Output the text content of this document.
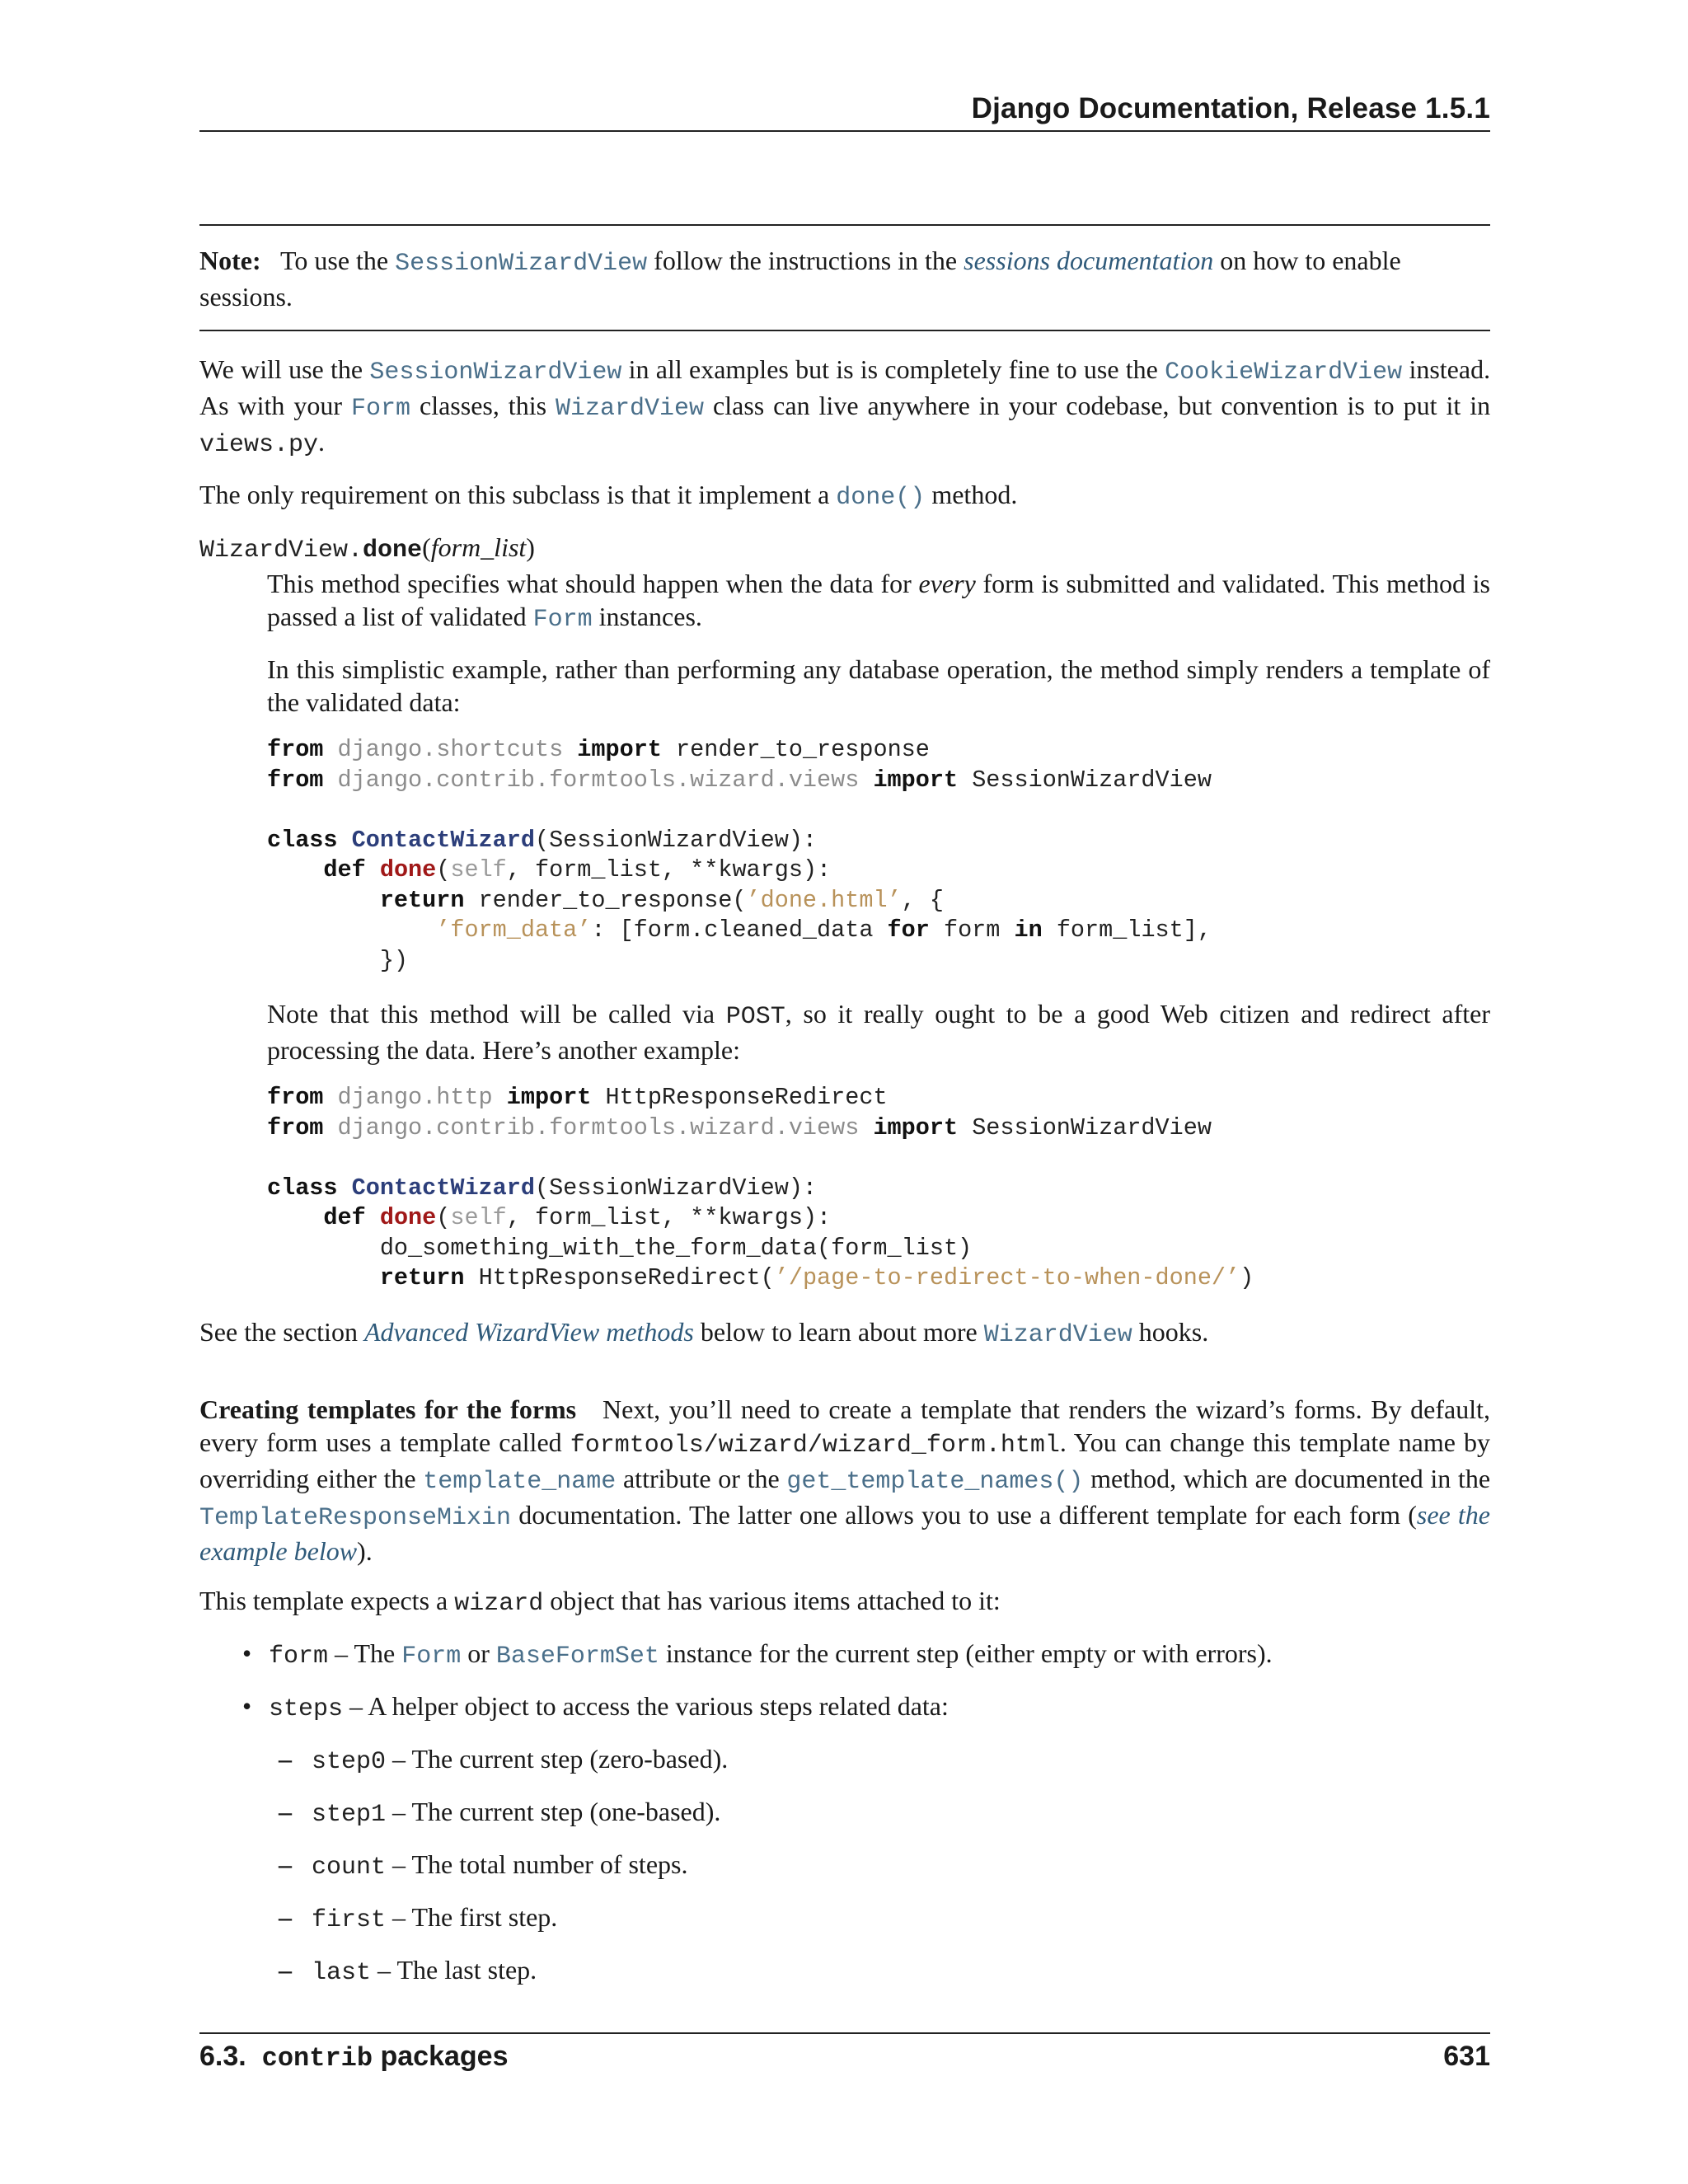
Django Documentation, Release 1.5.1
Note: To use the SessionWizardView follow the instructions in the sessions documentation on how to enable sessions.

We will use the SessionWizardView in all examples but is is completely fine to use the CookieWizardView instead. As with your Form classes, this WizardView class can live anywhere in your codebase, but convention is to put it in views.py.

The only requirement on this subclass is that it implement a done() method.

WizardView.done(form_list)

This method specifies what should happen when the data for every form is submitted and validated. This method is passed a list of validated Form instances.

In this simplistic example, rather than performing any database operation, the method simply renders a template of the validated data:

from django.shortcuts import render_to_response
from django.contrib.formtools.wizard.views import SessionWizardView

class ContactWizard(SessionWizardView):
def done(self, form_list, **kwargs):
return render_to_response(’done.html’, {
’form_data’: [form.cleaned_data for form in form_list],
})

Note that this method will be called via POST, so it really ought to be a good Web citizen and redirect after processing the data. Here’s another example:

from django.http import HttpResponseRedirect
from django.contrib.formtools.wizard.views import SessionWizardView

class ContactWizard(SessionWizardView):
def done(self, form_list, **kwargs):
do_something_with_the_form_data(form_list)
return HttpResponseRedirect(’/page-to-redirect-to-when-done/’)

See the section Advanced WizardView methods below to learn about more WizardView hooks.

Creating templates for the forms Next, you’ll need to create a template that renders the wizard’s forms. By default, every form uses a template called formtools/wizard/wizard_form.html. You can change this template name by overriding either the template_name attribute or the get_template_names() method, which are documented in the TemplateResponseMixin documentation. The latter one allows you to use a different template for each form (see the example below).

This template expects a wizard object that has various items attached to it:

• form – The Form or BaseFormSet instance for the current step (either empty or with errors).
• steps – A helper object to access the various steps related data:
– step0 – The current step (zero-based).
– step1 – The current step (one-based).
– count – The total number of steps.
– first – The first step.
– last – The last step.
6.3. contrib packages	631
